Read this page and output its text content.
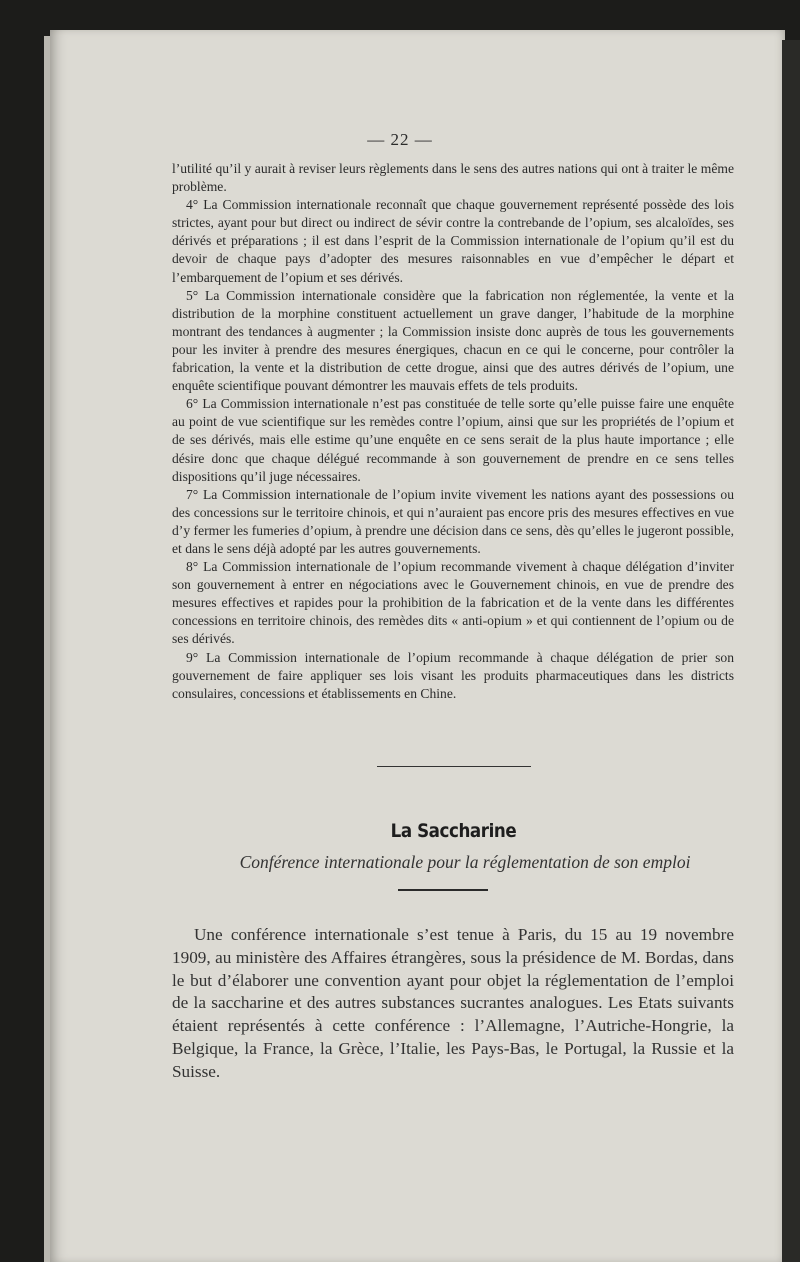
— 22 —

l’utilité qu’il y aurait à reviser leurs règlements dans le sens des autres nations qui ont à traiter le même problème.

4° La Commission internationale reconnaît que chaque gouvernement représenté possède des lois strictes, ayant pour but direct ou indirect de sévir contre la contrebande de l’opium, ses alcaloïdes, ses dérivés et préparations ; il est dans l’esprit de la Commission internationale de l’opium qu’il est du devoir de chaque pays d’adopter des mesures raisonnables en vue d’empêcher le départ et l’embarquement de l’opium et ses dérivés.

5° La Commission internationale considère que la fabrication non réglementée, la vente et la distribution de la morphine constituent actuellement un grave danger, l’habitude de la morphine montrant des tendances à augmenter ; la Commission insiste donc auprès de tous les gouvernements pour les inviter à prendre des mesures énergiques, chacun en ce qui le concerne, pour contrôler la fabrication, la vente et la distribution de cette drogue, ainsi que des autres dérivés de l’opium, une enquête scientifique pouvant démontrer les mauvais effets de tels produits.

6° La Commission internationale n’est pas constituée de telle sorte qu’elle puisse faire une enquête au point de vue scientifique sur les remèdes contre l’opium, ainsi que sur les propriétés de l’opium et de ses dérivés, mais elle estime qu’une enquête en ce sens serait de la plus haute importance ; elle désire donc que chaque délégué recommande à son gouvernement de prendre en ce sens telles dispositions qu’il juge nécessaires.

7° La Commission internationale de l’opium invite vivement les nations ayant des possessions ou des concessions sur le territoire chinois, et qui n’auraient pas encore pris des mesures effectives en vue d’y fermer les fumeries d’opium, à prendre une décision dans ce sens, dès qu’elles le jugeront possible, et dans le sens déjà adopté par les autres gouvernements.

8° La Commission internationale de l’opium recommande vivement à chaque délégation d’inviter son gouvernement à entrer en négociations avec le Gouvernement chinois, en vue de prendre des mesures effectives et rapides pour la prohibition de la fabrication et de la vente dans les différentes concessions en territoire chinois, des remèdes dits « anti-opium » et qui contiennent de l’opium ou de ses dérivés.

9° La Commission internationale de l’opium recommande à chaque délégation de prier son gouvernement de faire appliquer ses lois visant les produits pharmaceutiques dans les districts consulaires, concessions et établissements en Chine.

La Saccharine
Conférence internationale pour la réglementation de son emploi

Une conférence internationale s’est tenue à Paris, du 15 au 19 novembre 1909, au ministère des Affaires étrangères, sous la présidence de M. Bordas, dans le but d’élaborer une convention ayant pour objet la réglementation de l’emploi de la saccharine et des autres substances sucrantes analogues. Les Etats suivants étaient représentés à cette conférence : l’Allemagne, l’Autriche-Hongrie, la Belgique, la France, la Grèce, l’Italie, les Pays-Bas, le Portugal, la Russie et la Suisse.
